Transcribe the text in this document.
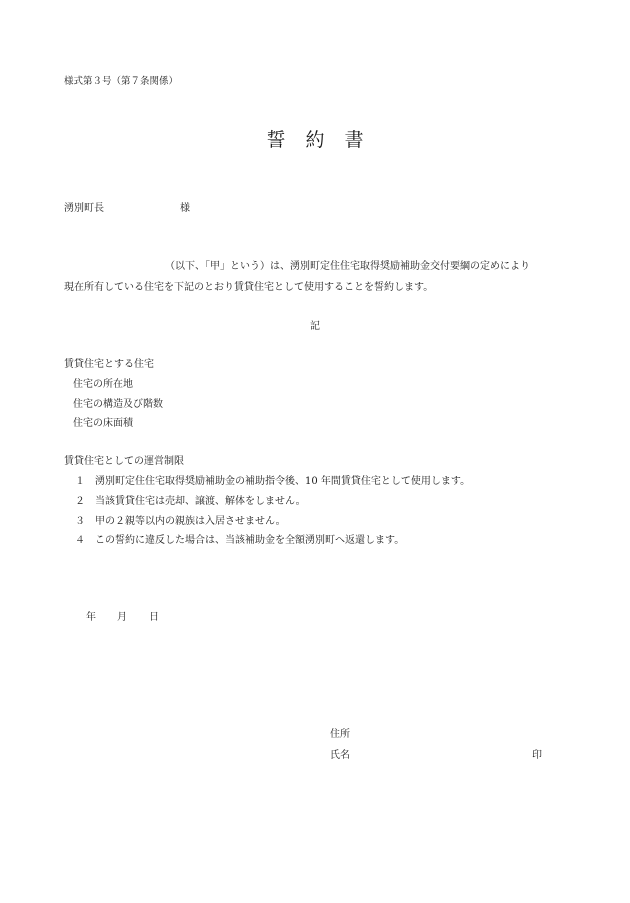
様式第３号（第７条関係）
誓 約 書
湧別町長	様
（以下、「甲」という）は、湧別町定住住宅取得奨励補助金交付要綱の定めにより
現在所有している住宅を下記のとおり賃貸住宅として使用することを誓約します。
記
賃貸住宅とする住宅
住宅の所在地
住宅の構造及び階数
住宅の床面積
賃貸住宅としての運営制限
１ 湧別町定住住宅取得奨励補助金の補助指令後、10 年間賃貸住宅として使用します。
２ 当該賃貸住宅は売却、譲渡、解体をしません。
３ 甲の２親等以内の親族は入居させません。
４ この誓約に違反した場合は、当該補助金を全額湧別町へ返還します。
年 月 日
住所
氏名	印
